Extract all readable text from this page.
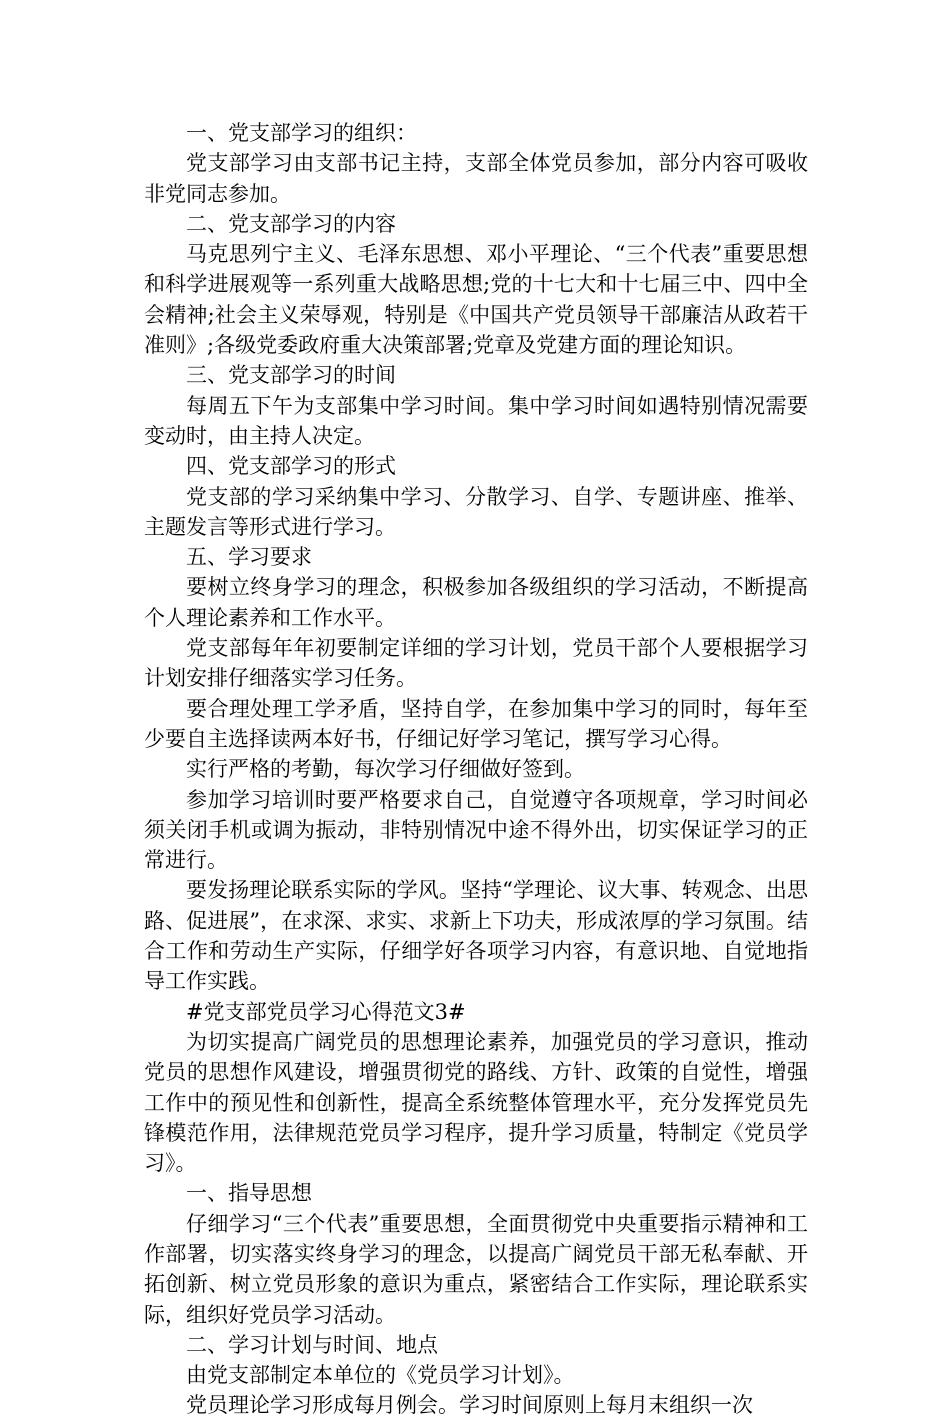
一、党支部学习的组织：

党支部学习由支部书记主持，支部全体党员参加，部分内容可吸收非党同志参加。

二、党支部学习的内容

马克思列宁主义、毛泽东思想、邓小平理论、“三个代表”重要思想和科学进展观等一系列重大战略思想;党的十七大和十七届三中、四中全会精神;社会主义荣辱观，特别是《中国共产党员领导干部廉洁从政若干准则》;各级党委政府重大决策部署;党章及党建方面的理论知识。

三、党支部学习的时间

每周五下午为支部集中学习时间。集中学习时间如遇特别情况需要变动时，由主持人决定。

四、党支部学习的形式

党支部的学习采纳集中学习、分散学习、自学、专题讲座、推举、主题发言等形式进行学习。

五、学习要求

要树立终身学习的理念，积极参加各级组织的学习活动，不断提高个人理论素养和工作水平。

党支部每年年初要制定详细的学习计划，党员干部个人要根据学习计划安排仔细落实学习任务。

要合理处理工学矛盾，坚持自学，在参加集中学习的同时，每年至少要自主选择读两本好书，仔细记好学习笔记，撰写学习心得。

实行严格的考勤，每次学习仔细做好签到。

参加学习培训时要严格要求自己，自觉遵守各项规章，学习时间必须关闭手机或调为振动，非特别情况中途不得外出，切实保证学习的正常进行。

要发扬理论联系实际的学风。坚持“学理论、议大事、转观念、出思路、促进展”，在求深、求实、求新上下功夫，形成浓厚的学习氛围。结合工作和劳动生产实际，仔细学好各项学习内容，有意识地、自觉地指导工作实践。

#党支部党员学习心得范文3#

为切实提高广阔党员的思想理论素养，加强党员的学习意识，推动党员的思想作风建设，增强贯彻党的路线、方针、政策的自觉性，增强工作中的预见性和创新性，提高全系统整体管理水平，充分发挥党员先锋模范作用，法律规范党员学习程序，提升学习质量，特制定《党员学习》。

一、指导思想

仔细学习“三个代表”重要思想，全面贯彻党中央重要指示精神和工作部署，切实落实终身学习的理念，以提高广阔党员干部无私奉献、开拓创新、树立党员形象的意识为重点，紧密结合工作实际，理论联系实际，组织好党员学习活动。

二、学习计划与时间、地点

由党支部制定本单位的《党员学习计划》。

党员理论学习形成每月例会。学习时间原则上每月末组织一次
